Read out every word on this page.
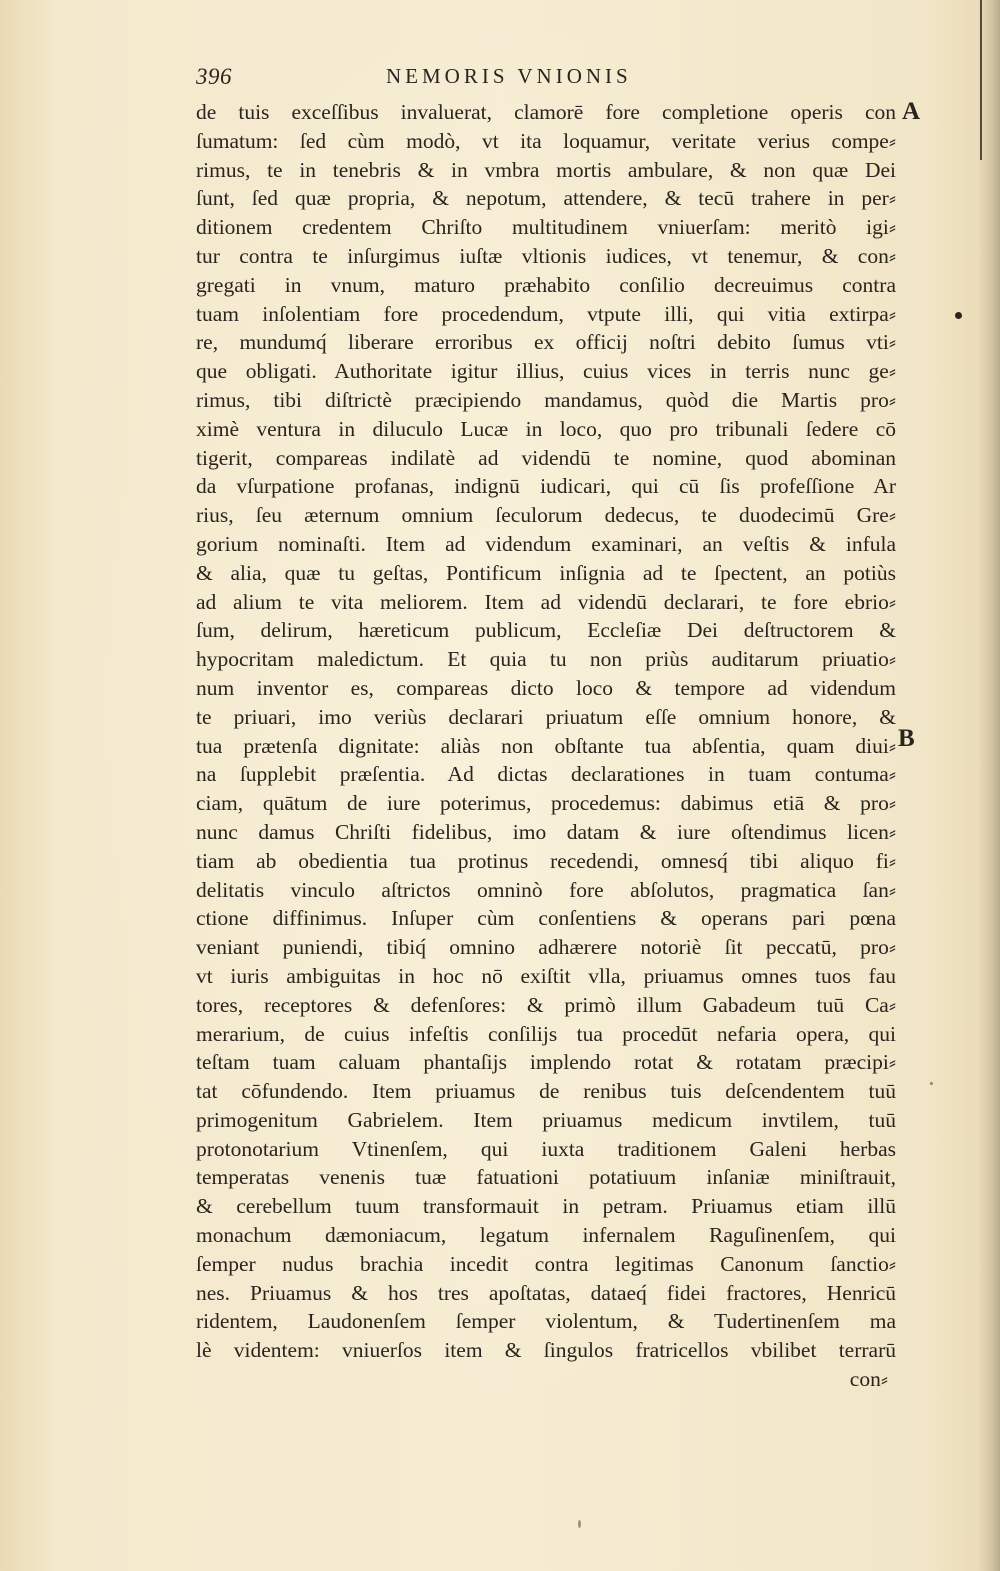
396	NEMORIS VNIONIS
A
B
de tuis exceſſibus invaluerat, clamorē fore completione operis con
ſumatum: ſed cùm modò, vt ita loquamur, veritate verius compe⸗
rimus, te in tenebris & in vmbra mortis ambulare, & non quæ Dei
ſunt, ſed quæ propria, & nepotum, attendere, & tecū trahere in per⸗
ditionem credentem Chriſto multitudinem vniuerſam: meritò igi⸗
tur contra te inſurgimus iuſtæ vltionis iudices, vt tenemur, & con⸗
gregati in vnum, maturo præhabito conſilio decreuimus contra
tuam inſolentiam fore procedendum, vtpute illi, qui vitia extirpa⸗
re, mundumq́ liberare erroribus ex officij noſtri debito ſumus vti⸗
que obligati. Authoritate igitur illius, cuius vices in terris nunc ge⸗
rimus, tibi diſtrictè præcipiendo mandamus, quòd die Martis pro⸗
ximè ventura in diluculo Lucæ in loco, quo pro tribunali ſedere cō
tigerit, compareas indilatè ad videndū te nomine, quod abominan
da vſurpatione profanas, indignū iudicari, qui cū ſis profeſſione Ar
rius, ſeu æternum omnium ſeculorum dedecus, te duodecimū Gre⸗
gorium nominaſti. Item ad videndum examinari, an veſtis & infula
& alia, quæ tu geſtas, Pontificum inſignia ad te ſpectent, an potiùs
ad alium te vita meliorem. Item ad videndū declarari, te fore ebrio⸗
ſum, delirum, hæreticum publicum, Eccleſiæ Dei deſtructorem &
hypocritam maledictum. Et quia tu non priùs auditarum priuatio⸗
num inventor es, compareas dicto loco & tempore ad videndum
te priuari, imo veriùs declarari priuatum eſſe omnium honore, &
tua prætenſa dignitate: aliàs non obſtante tua abſentia, quam diui⸗
na ſupplebit præſentia. Ad dictas declarationes in tuam contuma⸗
ciam, quātum de iure poterimus, procedemus: dabimus etiā & pro⸗
nunc damus Chriſti fidelibus, imo datam & iure oſtendimus licen⸗
tiam ab obedientia tua protinus recedendi, omnesq́ tibi aliquo fi⸗
delitatis vinculo aſtrictos omninò fore abſolutos, pragmatica ſan⸗
ctione diffinimus. Inſuper cùm conſentiens & operans pari pœna
veniant puniendi, tibiq́ omnino adhærere notoriè ſit peccatū, pro⸗
vt iuris ambiguitas in hoc nō exiſtit vlla, priuamus omnes tuos fau
tores, receptores & defenſores: & primò illum Gabadeum tuū Ca⸗
merarium, de cuius infeſtis conſilijs tua procedūt nefaria opera, qui
teſtam tuam caluam phantaſijs implendo rotat & rotatam præcipi⸗
tat cōfundendo. Item priuamus de renibus tuis deſcendentem tuū
primogenitum Gabrielem. Item priuamus medicum invtilem, tuū
protonotarium Vtinenſem, qui iuxta traditionem Galeni herbas
temperatas venenis tuæ fatuationi potatiuum inſaniæ miniſtrauit,
& cerebellum tuum transformauit in petram. Priuamus etiam illū
monachum dæmoniacum, legatum infernalem Raguſinenſem, qui
ſemper nudus brachia incedit contra legitimas Canonum ſanctio⸗
nes. Priuamus & hos tres apoſtatas, dataeq́ fidei fractores, Henricū
ridentem, Laudonenſem ſemper violentum, & Tudertinenſem ma
lè videntem: vniuerſos item & ſingulos fratricellos vbilibet terrarū
con⸗
